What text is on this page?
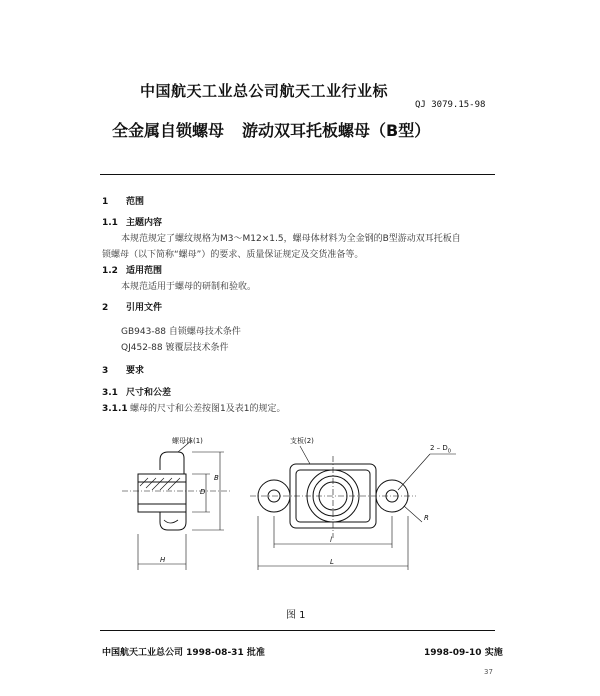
中国航天工业总公司航天工业行业标
QJ 3079.15-98
全金属自锁螺母 游动双耳托板螺母（B型）
1 范围
1.1 主题内容
本规范规定了螺纹规格为M3～M12×1.5，螺母体材料为全金钢的B型游动双耳托板自
锁螺母（以下简称“螺母”）的要求、质量保证规定及交货准备等。
1.2 适用范围
本规范适用于螺母的研制和验收。
2 引用文件
GB943-88 自锁螺母技术条件
QJ452-88 镀覆层技术条件
3 要求
3.1 尺寸和公差
3.1.1 螺母的尺寸和公差按图1及表1的规定。
螺母体(1)	支板(2)
$2 - D_0$
D
B
H
l
L
R
图 1
中国航天工业总公司 1998-08-31 批准	1998-09-10 实施
37
